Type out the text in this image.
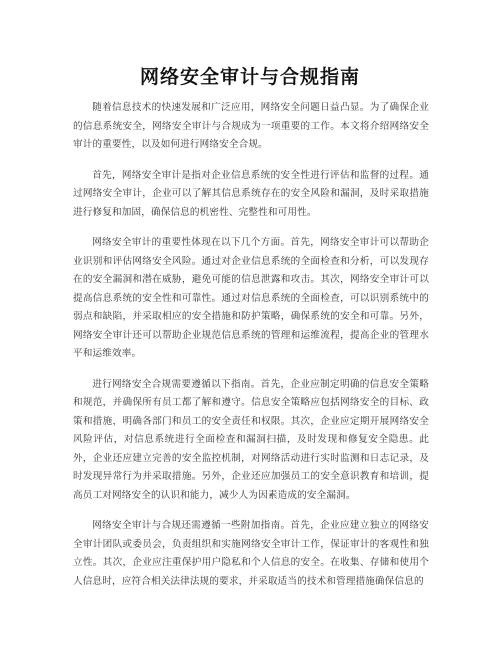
网络安全审计与合规指南

随着信息技术的快速发展和广泛应用，网络安全问题日益凸显。为了确保企业的信息系统安全，网络安全审计与合规成为一项重要的工作。本文将介绍网络安全审计的重要性，以及如何进行网络安全合规。

首先，网络安全审计是指对企业信息系统的安全性进行评估和监督的过程。通过网络安全审计，企业可以了解其信息系统存在的安全风险和漏洞，及时采取措施进行修复和加固，确保信息的机密性、完整性和可用性。

网络安全审计的重要性体现在以下几个方面。首先，网络安全审计可以帮助企业识别和评估网络安全风险。通过对企业信息系统的全面检查和分析，可以发现存在的安全漏洞和潜在威胁，避免可能的信息泄露和攻击。其次，网络安全审计可以提高信息系统的安全性和可靠性。通过对信息系统的全面检查，可以识别系统中的弱点和缺陷，并采取相应的安全措施和防护策略，确保系统的安全和可靠。另外，网络安全审计还可以帮助企业规范信息系统的管理和运维流程，提高企业的管理水平和运维效率。

进行网络安全合规需要遵循以下指南。首先，企业应制定明确的信息安全策略和规范，并确保所有员工都了解和遵守。信息安全策略应包括网络安全的目标、政策和措施，明确各部门和员工的安全责任和权限。其次，企业应定期开展网络安全风险评估，对信息系统进行全面检查和漏洞扫描，及时发现和修复安全隐患。此外，企业还应建立完善的安全监控机制，对网络活动进行实时监测和日志记录，及时发现异常行为并采取措施。另外，企业还应加强员工的安全意识教育和培训，提高员工对网络安全的认识和能力，减少人为因素造成的安全漏洞。

网络安全审计与合规还需遵循一些附加指南。首先，企业应建立独立的网络安全审计团队或委员会，负责组织和实施网络安全审计工作，保证审计的客观性和独立性。其次，企业应注重保护用户隐私和个人信息的安全。在收集、存储和使用个人信息时，应符合相关法律法规的要求，并采取适当的技术和管理措施确保信息的
